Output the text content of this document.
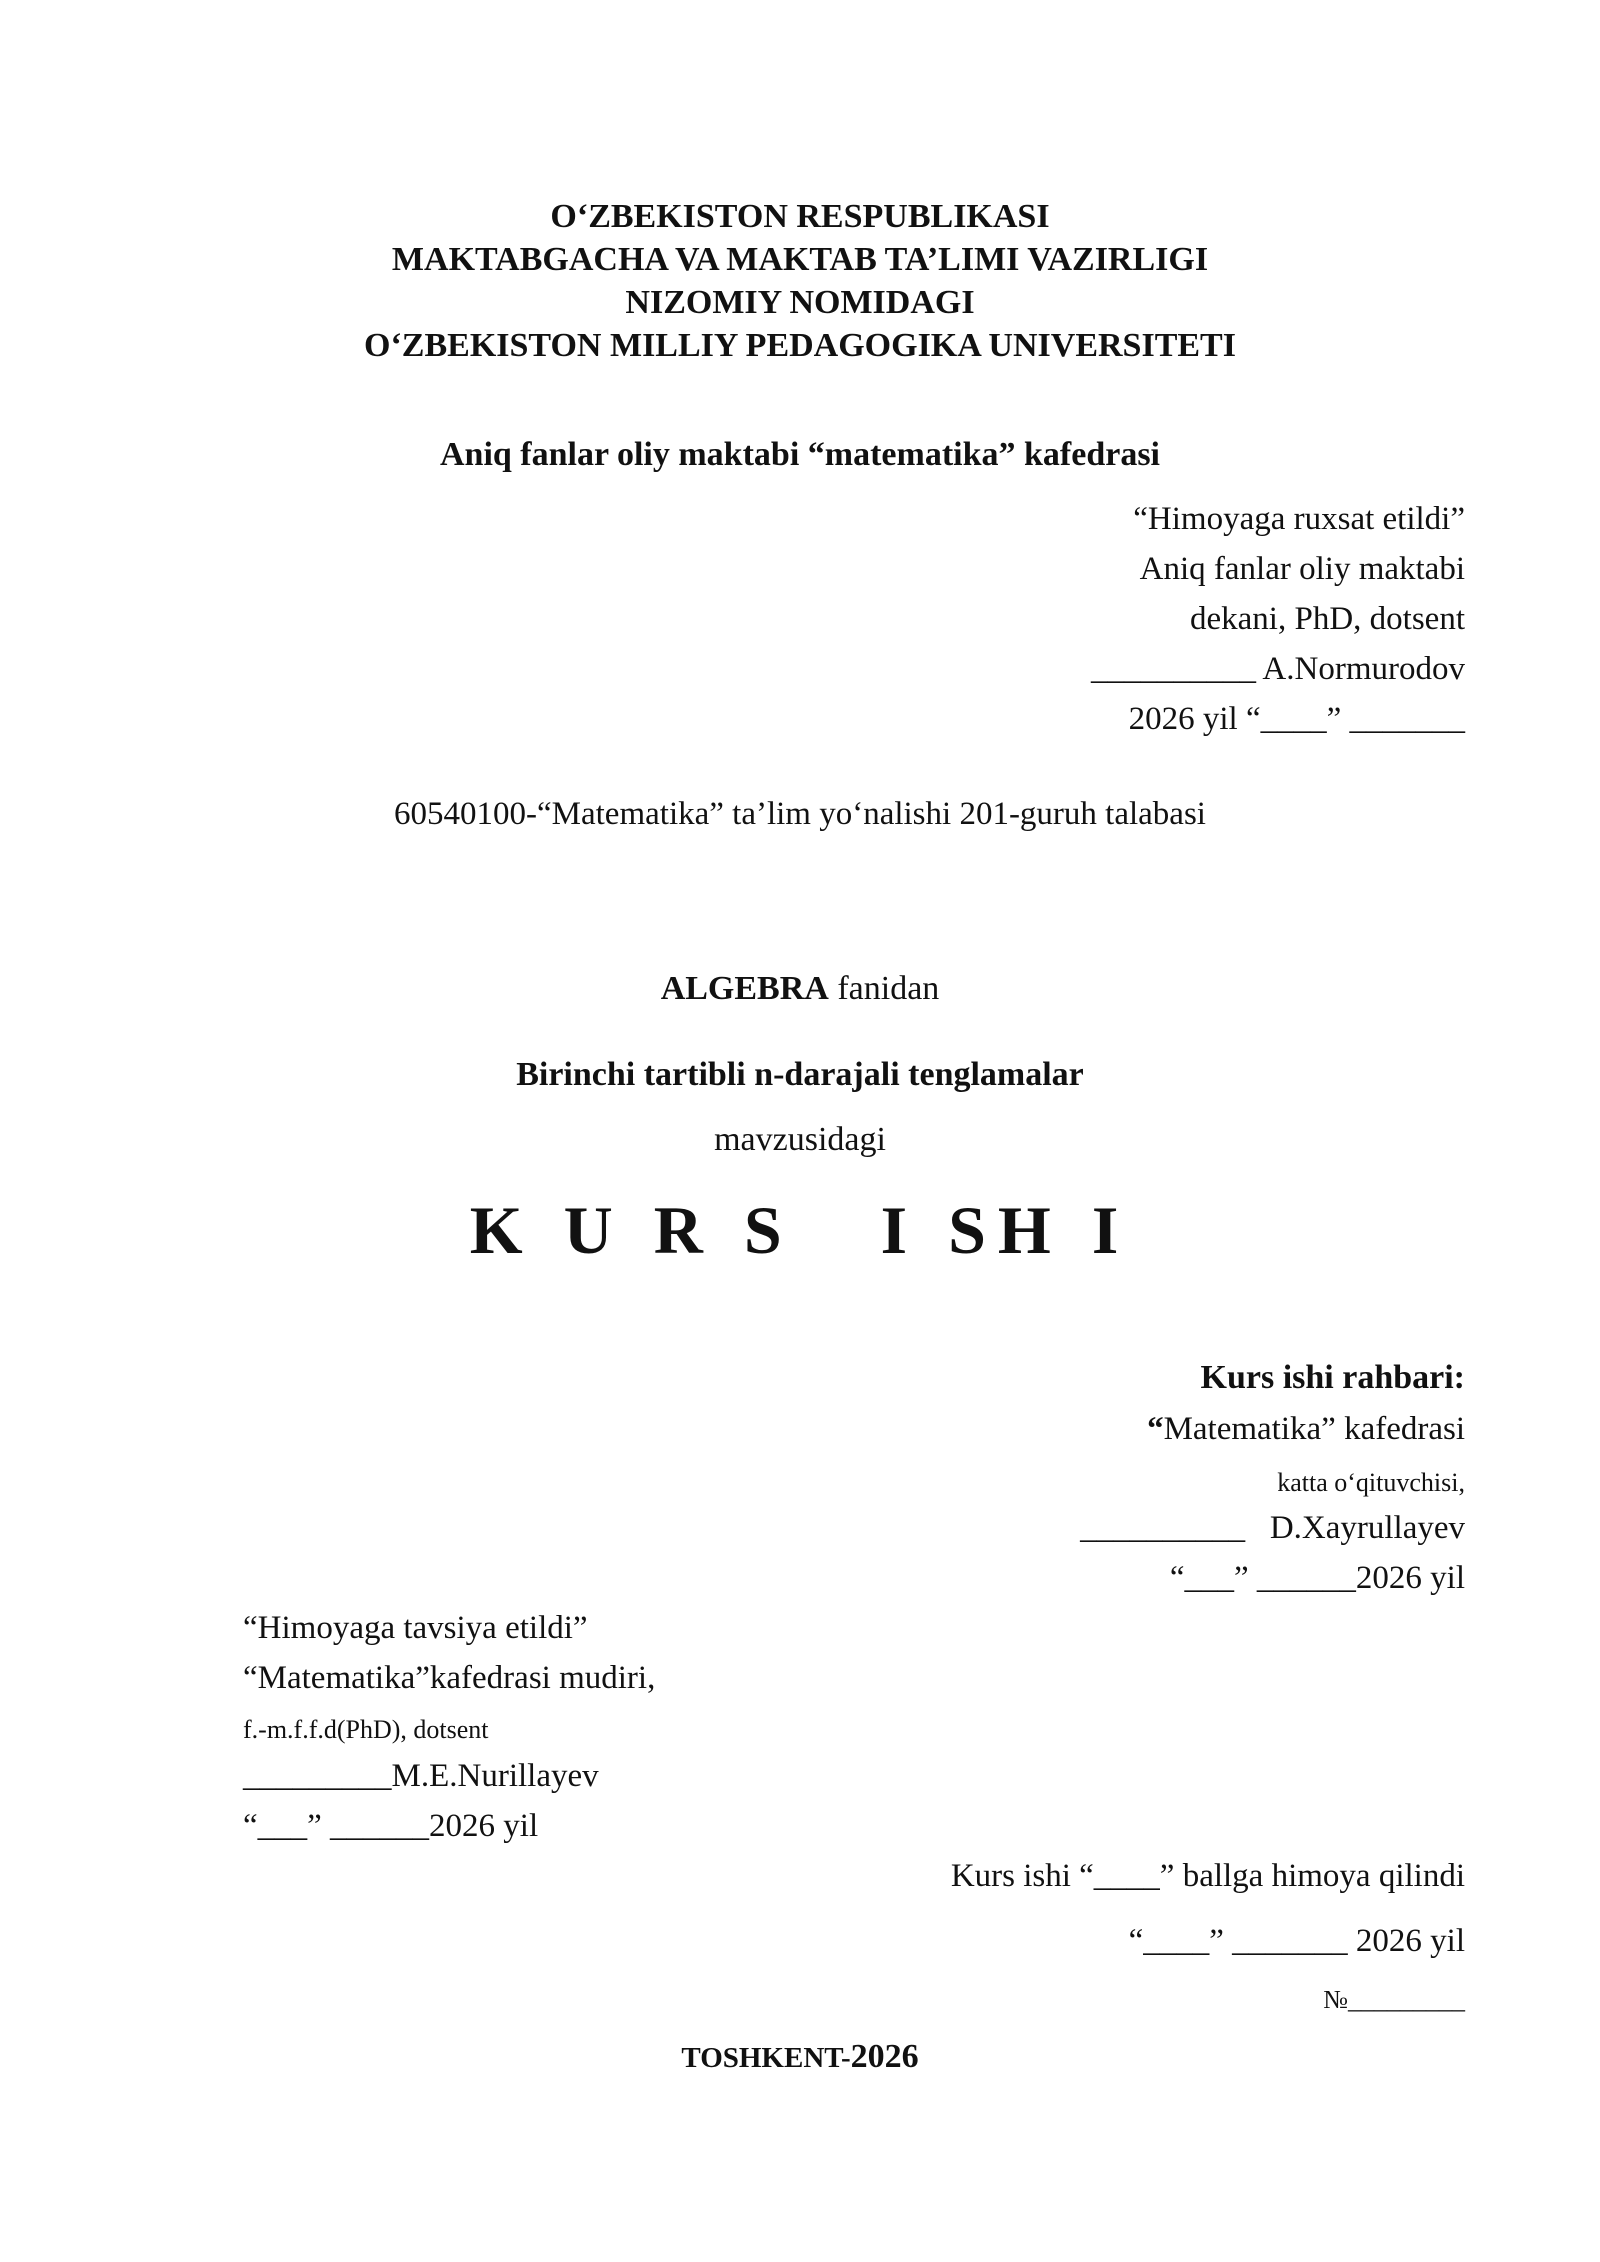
O‘ZBEKISTON RESPUBLIKASI
MAKTABGACHA VA MAKTAB TA’LIMI VAZIRLIGI
NIZOMIY NOMIDAGI
O‘ZBEKISTON MILLIY PEDAGOGIKA UNIVERSITETI
Aniq fanlar oliy maktabi “matematika” kafedrasi
“Himoyaga ruxsat etildi”
Aniq fanlar oliy maktabi
dekani, PhD, dotsent
__________ A.Normurodov
2026 yil “____” _______
60540100-“Matematika” ta’lim yo‘nalishi 201-guruh talabasi
ALGEBRA fanidan
Birinchi tartibli n-darajali tenglamalar
mavzusidagi
K U R S   I SH I
Kurs ishi rahbari:
“Matematika” kafedrasi
katta o‘qituvchisi,
__________   D.Xayrullayev
“___” ______2026 yil
“Himoyaga tavsiya etildi”
“Matematika”kafedrasi mudiri,
f.-m.f.f.d(PhD), dotsent
_________M.E.Nurillayev
“___” ______2026 yil
Kurs ishi “____” ballga himoya qilindi
“____” _______ 2026 yil
№_________
TOSHKENT-2026
